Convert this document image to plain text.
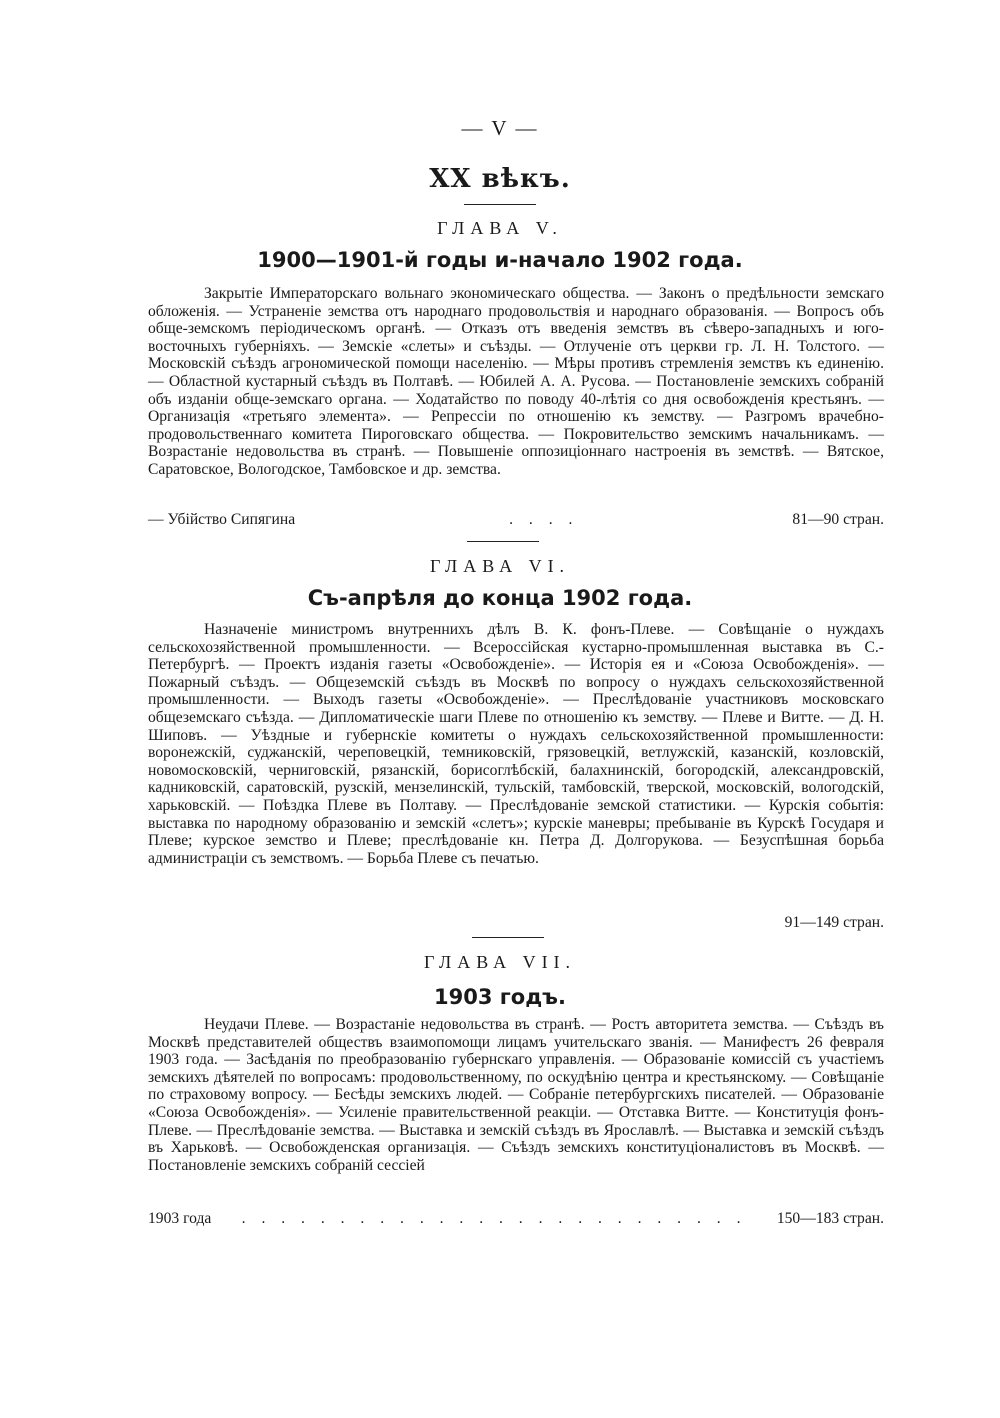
— V —

XX вѣкъ.

ГЛАВА V.

1900—1901-й годы и-начало 1902 года.

Закрытіе Императорскаго вольнаго экономическаго общества. — Законъ о предѣльности земскаго обложенія. — Устраненіе земства отъ народнаго продовольствія и народнаго образованія. — Вопросъ объ обще-земскомъ періодическомъ органѣ. — Отказъ отъ введенія земствъ въ сѣверо-западныхъ и юго-восточныхъ губерніяхъ. — Земскіе «слеты» и съѣзды. — Отлученіе отъ церкви гр. Л. Н. Толстого. — Московскій съѣздъ агрономической помощи населенію. — Мѣры противъ стремленія земствъ къ единенію. — Областной кустарный съѣздъ въ Полтавѣ. — Юбилей А. А. Русова. — Постановленіе земскихъ собраній объ изданіи обще-земскаго органа. — Ходатайство по поводу 40-лѣтія со дня освобожденія крестьянъ. — Организація «третьяго элемента». — Репрессіи по отношенію къ земству. — Разгромъ врачебно-продовольственнаго комитета Пироговскаго общества. — Покровительство земскимъ начальникамъ. — Возрастаніе недовольства въ странѣ. — Повышеніе оппозиціоннаго настроенія въ земствѣ. — Вятское, Саратовское, Вологодское, Тамбовское и др. земства.

— Убійство Сипягина	. . . .	81—90 стран.

ГЛАВА VI.

Съ-апрѣля до конца 1902 года.

Назначеніе министромъ внутреннихъ дѣлъ В. К. фонъ-Плеве. — Совѣщаніе о нуждахъ сельскохозяйственной промышленности. — Всероссійская кустарно-промышленная выставка въ С.-Петербургѣ. — Проектъ изданія газеты «Освобожденіе». — Исторія ея и «Союза Освобожденія». — Пожарный съѣздъ. — Общеземскій съѣздъ въ Москвѣ по вопросу о нуждахъ сельскохозяйственной промышленности. — Выходъ газеты «Освобожденіе». — Преслѣдованіе участниковъ московскаго общеземскаго съѣзда. — Дипломатическіе шаги Плеве по отношенію къ земству. — Плеве и Витте. — Д. Н. Шиповъ. — Уѣздные и губернскіе комитеты о нуждахъ сельскохозяйственной промышленности: воронежскій, суджанскій, череповецкій, темниковскій, грязовецкій, ветлужскій, казанскій, козловскій, новомосковскій, черниговскій, рязанскій, борисоглѣбскій, балахнинскій, богородскій, александровскій, кадниковскій, саратовскій, рузскій, мензелинскій, тульскій, тамбовскій, тверской, московскій, вологодскій, харьковскій. — Поѣздка Плеве въ Полтаву. — Преслѣдованіе земской статистики. — Курскія событія: выставка по народному образованію и земскій «слетъ»; курскіе маневры; пребываніе въ Курскѣ Государя и Плеве; курское земство и Плеве; преслѣдованіе кн. Петра Д. Долгорукова. — Безуспѣшная борьба администраціи съ земствомъ. — Борьба Плеве съ печатью.

91—149 стран.

ГЛАВА VII.

1903 годъ.

Неудачи Плеве. — Возрастаніе недовольства въ странѣ. — Ростъ авторитета земства. — Съѣздъ въ Москвѣ представителей обществъ взаимопомощи лицамъ учительскаго званія. — Манифестъ 26 февраля 1903 года. — Засѣданія по преобразованію губернскаго управленія. — Образованіе комиссій съ участіемъ земскихъ дѣятелей по вопросамъ: продовольственному, по оскудѣнію центра и крестьянскому. — Совѣщаніе по страховому вопросу. — Бесѣды земскихъ людей. — Собраніе петербургскихъ писателей. — Образованіе «Союза Освобожденія». — Усиленіе правительственной реакціи. — Отставка Витте. — Конституція фонъ-Плеве. — Преслѣдованіе земства. — Выставка и земскій съѣздъ въ Ярославлѣ. — Выставка и земскій съѣздъ въ Харьковѣ. — Освобожденская организація. — Съѣздъ земскихъ конституціоналистовъ въ Москвѣ. — Постановленіе земскихъ собраній сессіей

1903 года	. . . . . . . . . . . . . . . . . . . . . . . . . .	150—183 стран.
